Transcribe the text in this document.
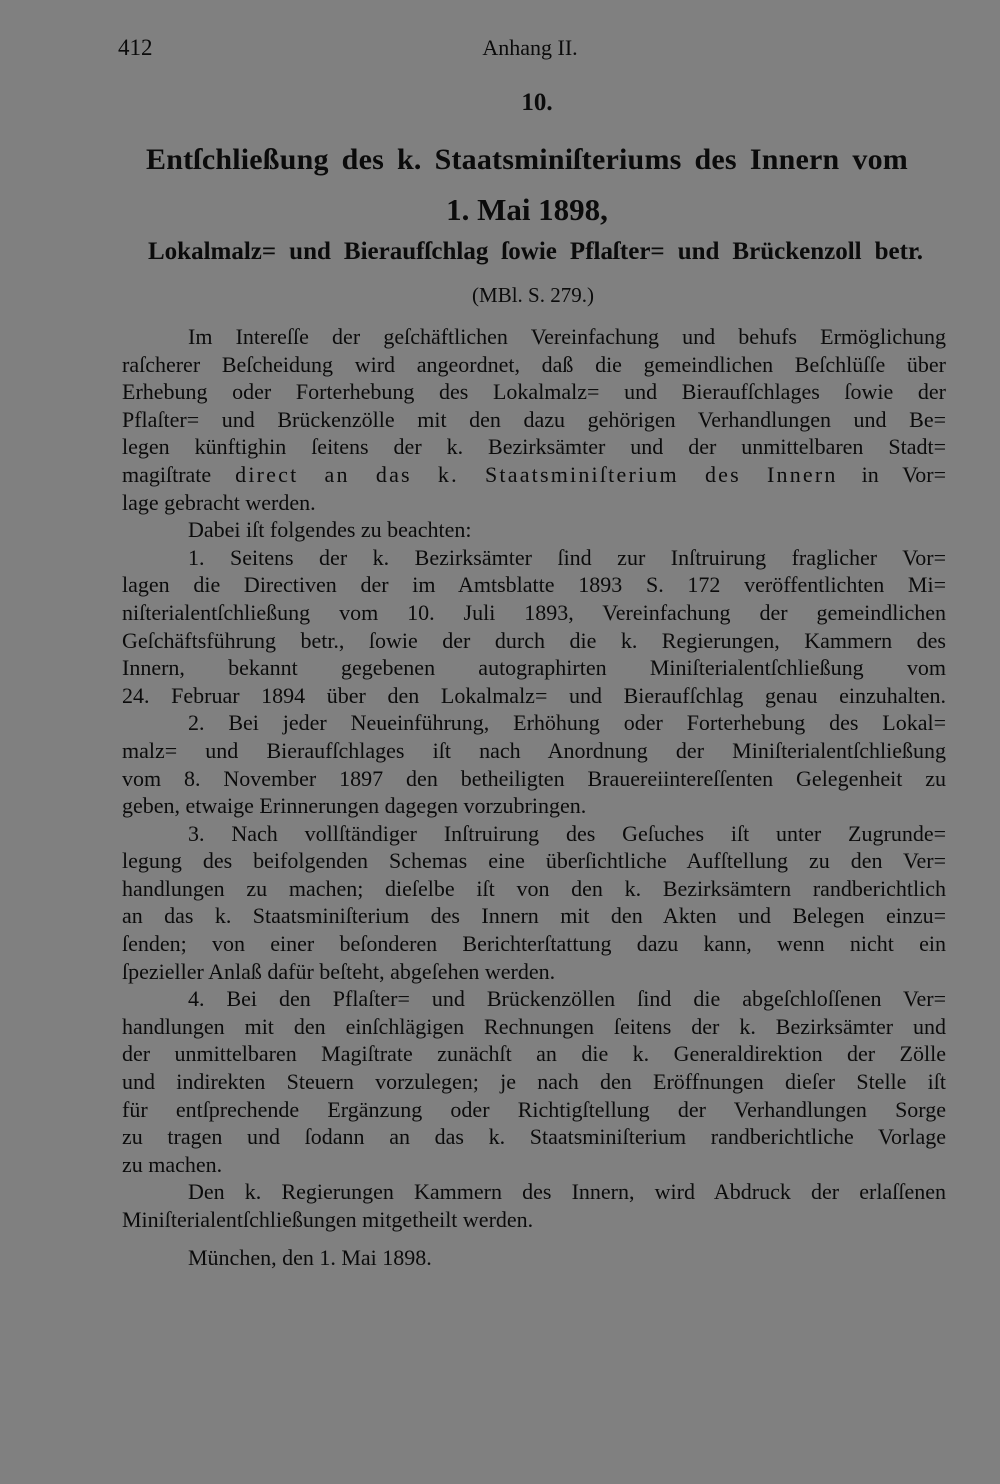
412	Anhang II.
10.
Entſchließung des k. Staatsminiſteriums des Innern vom
1. Mai 1898,
Lokalmalz= und Bieraufſchlag ſowie Pflaſter= und Brückenzoll betr.
(MBl. S. 279.)
Im Intereſſe der geſchäftlichen Vereinfachung und behufs Ermöglichung
raſcherer Beſcheidung wird angeordnet, daß die gemeindlichen Beſchlüſſe über
Erhebung oder Forterhebung des Lokalmalz= und Bieraufſchlages ſowie der
Pflaſter= und Brückenzölle mit den dazu gehörigen Verhandlungen und Be=
legen künftighin ſeitens der k. Bezirksämter und der unmittelbaren Stadt=
magiſtrate direct an das k. Staatsminiſterium des Innern in Vor=
lage gebracht werden.
Dabei iſt folgendes zu beachten:
1. Seitens der k. Bezirksämter ſind zur Inſtruirung fraglicher Vor=
lagen die Directiven der im Amtsblatte 1893 S. 172 veröffentlichten Mi=
niſterialentſchließung vom 10. Juli 1893, Vereinfachung der gemeindlichen
Geſchäftsführung betr., ſowie der durch die k. Regierungen, Kammern des
Innern, bekannt gegebenen autographirten Miniſterialentſchließung vom
24. Februar 1894 über den Lokalmalz= und Bieraufſchlag genau einzuhalten.
2. Bei jeder Neueinführung, Erhöhung oder Forterhebung des Lokal=
malz= und Bieraufſchlages iſt nach Anordnung der Miniſterialentſchließung
vom 8. November 1897 den betheiligten Brauereiintereſſenten Gelegenheit zu
geben, etwaige Erinnerungen dagegen vorzubringen.
3. Nach vollſtändiger Inſtruirung des Geſuches iſt unter Zugrunde=
legung des beifolgenden Schemas eine überſichtliche Aufſtellung zu den Ver=
handlungen zu machen; dieſelbe iſt von den k. Bezirksämtern randberichtlich
an das k. Staatsminiſterium des Innern mit den Akten und Belegen einzu=
ſenden; von einer beſonderen Berichterſtattung dazu kann, wenn nicht ein
ſpezieller Anlaß dafür beſteht, abgeſehen werden.
4. Bei den Pflaſter= und Brückenzöllen ſind die abgeſchloſſenen Ver=
handlungen mit den einſchlägigen Rechnungen ſeitens der k. Bezirksämter und
der unmittelbaren Magiſtrate zunächſt an die k. Generaldirektion der Zölle
und indirekten Steuern vorzulegen; je nach den Eröffnungen dieſer Stelle iſt
für entſprechende Ergänzung oder Richtigſtellung der Verhandlungen Sorge
zu tragen und ſodann an das k. Staatsminiſterium randberichtliche Vorlage
zu machen.
Den k. Regierungen Kammern des Innern, wird Abdruck der erlaſſenen
Miniſterialentſchließungen mitgetheilt werden.
München, den 1. Mai 1898.
